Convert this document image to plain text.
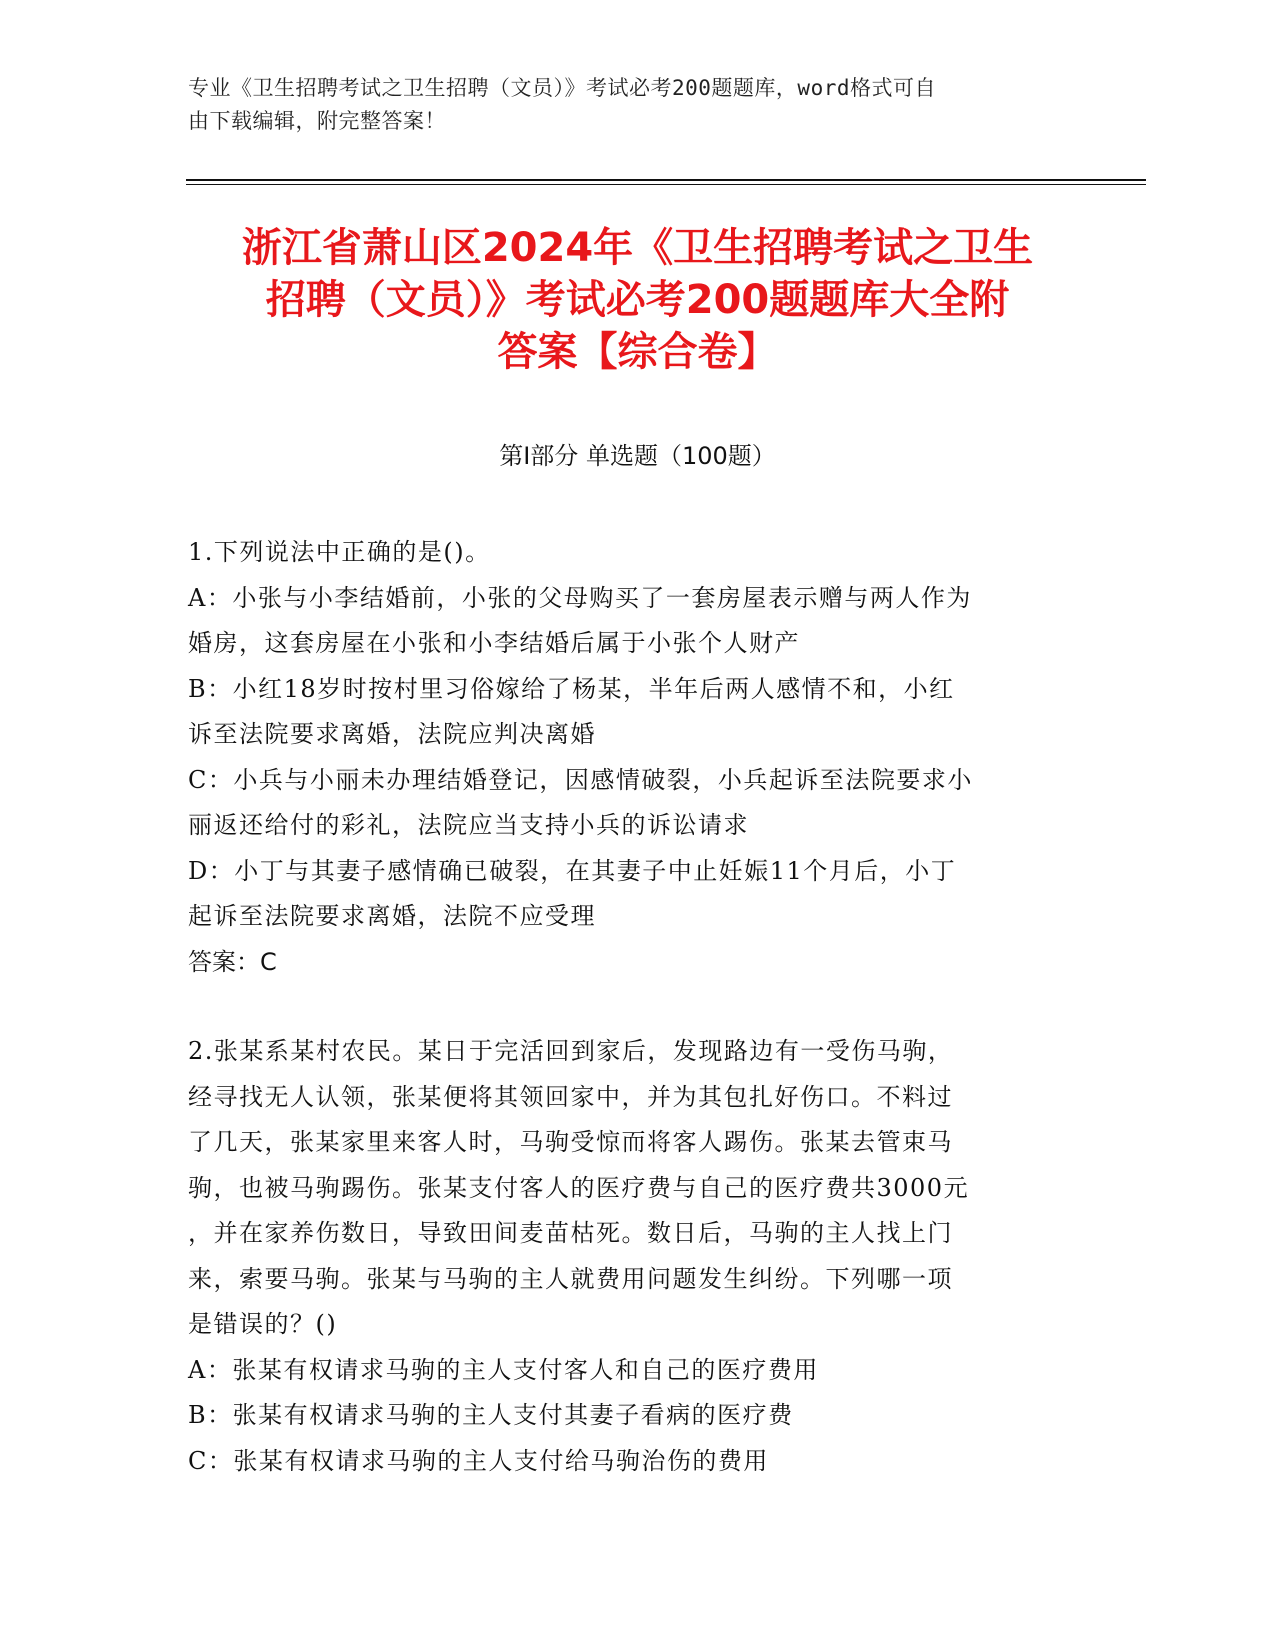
专业《卫生招聘考试之卫生招聘（文员）》考试必考200题题库，word格式可自
由下载编辑，附完整答案！
浙江省萧山区2024年《卫生招聘考试之卫生
招聘（文员）》考试必考200题题库大全附
答案【综合卷】
第Ⅰ部分 单选题（100题）
1.下列说法中正确的是()。
A：小张与小李结婚前，小张的父母购买了一套房屋表示赠与两人作为
婚房，这套房屋在小张和小李结婚后属于小张个人财产
B：小红18岁时按村里习俗嫁给了杨某，半年后两人感情不和，小红
诉至法院要求离婚，法院应判决离婚
C：小兵与小丽未办理结婚登记，因感情破裂，小兵起诉至法院要求小
丽返还给付的彩礼，法院应当支持小兵的诉讼请求
D：小丁与其妻子感情确已破裂，在其妻子中止妊娠11个月后，小丁
起诉至法院要求离婚，法院不应受理
答案：C
2.张某系某村农民。某日于完活回到家后，发现路边有一受伤马驹，
经寻找无人认领，张某便将其领回家中，并为其包扎好伤口。不料过
了几天，张某家里来客人时，马驹受惊而将客人踢伤。张某去管束马
驹，也被马驹踢伤。张某支付客人的医疗费与自己的医疗费共3000元
，并在家养伤数日，导致田间麦苗枯死。数日后，马驹的主人找上门
来，索要马驹。张某与马驹的主人就费用问题发生纠纷。下列哪一项
是错误的？()
A：张某有权请求马驹的主人支付客人和自己的医疗费用
B：张某有权请求马驹的主人支付其妻子看病的医疗费
C：张某有权请求马驹的主人支付给马驹治伤的费用
